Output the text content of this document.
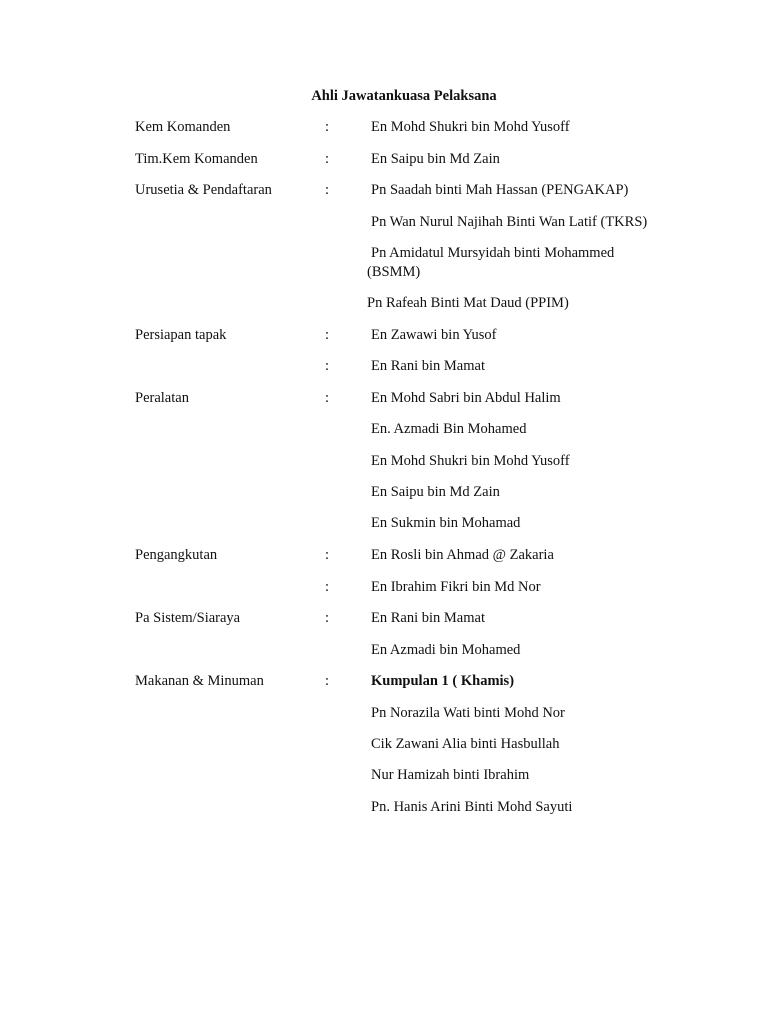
Ahli Jawatankuasa Pelaksana
Kem Komanden	:	En Mohd Shukri bin Mohd Yusoff
Tim.Kem Komanden	:	En Saipu bin Md Zain
Urusetia & Pendaftaran	:	Pn Saadah binti Mah Hassan (PENGAKAP)
Pn Wan Nurul Najihah Binti Wan Latif (TKRS)
Pn Amidatul Mursyidah binti Mohammed
(BSMM)
Pn Rafeah Binti Mat Daud (PPIM)
Persiapan tapak	:	En Zawawi bin Yusof
:	En Rani bin Mamat
Peralatan	:	En Mohd Sabri bin Abdul Halim
En. Azmadi Bin Mohamed
En Mohd Shukri bin Mohd Yusoff
En Saipu bin Md Zain
En Sukmin bin Mohamad
Pengangkutan	:	En Rosli bin Ahmad @ Zakaria
:	En Ibrahim Fikri bin Md Nor
Pa Sistem/Siaraya	:	En Rani bin Mamat
En Azmadi bin Mohamed
Makanan & Minuman	:	Kumpulan 1 ( Khamis)
Pn Norazila Wati binti Mohd Nor
Cik Zawani Alia binti Hasbullah
Nur Hamizah binti Ibrahim
Pn. Hanis Arini Binti Mohd Sayuti
